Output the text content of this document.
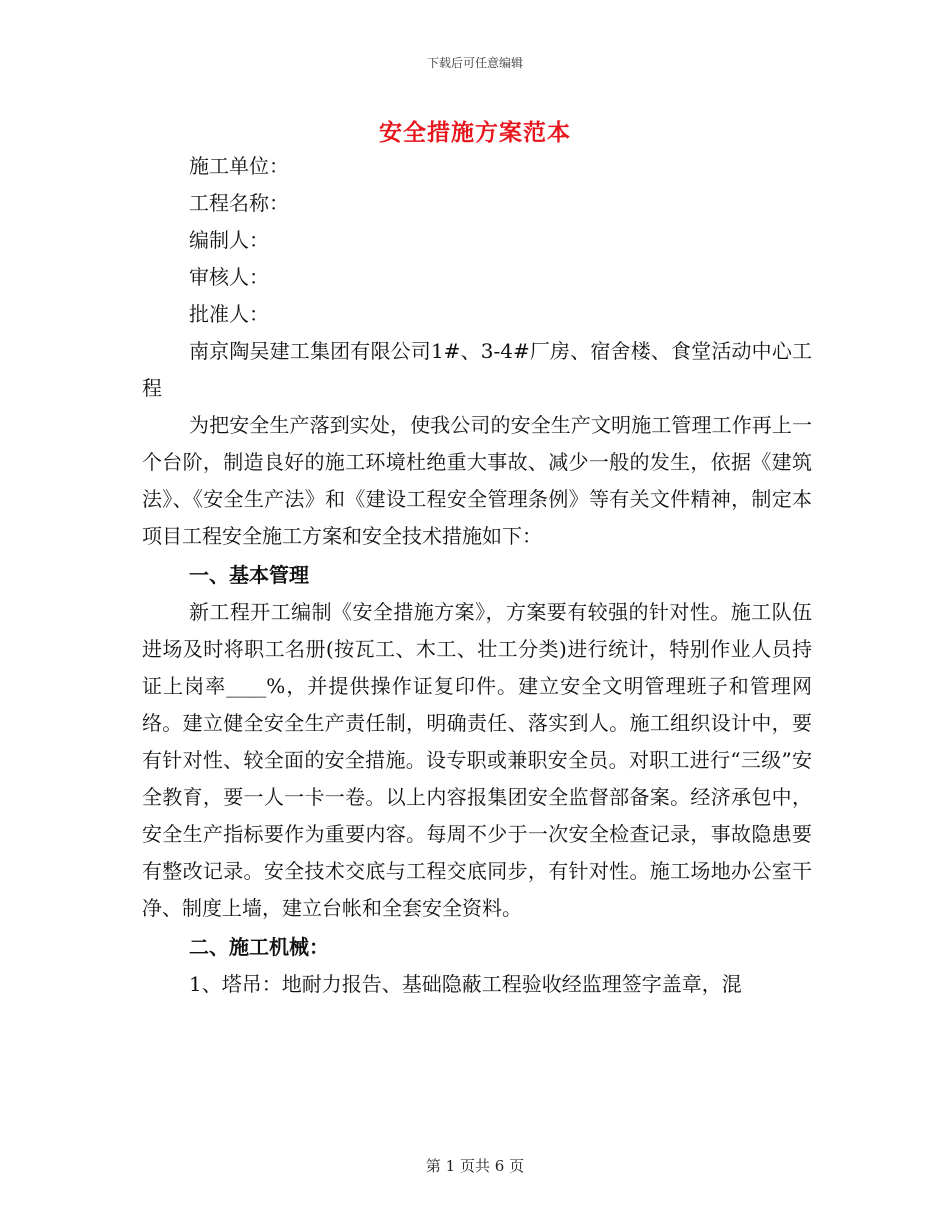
下载后可任意编辑
安全措施方案范本
施工单位：
工程名称：
编制人：
审核人：
批准人：

南京陶吴建工集团有限公司1#、3-4#厂房、宿舍楼、食堂活动中心工程

为把安全生产落到实处，使我公司的安全生产文明施工管理工作再上一个台阶，制造良好的施工环境杜绝重大事故、减少一般的发生，依据《建筑法》、《安全生产法》和《建设工程安全管理条例》等有关文件精神，制定本项目工程安全施工方案和安全技术措施如下：

一、基本管理

新工程开工编制《安全措施方案》，方案要有较强的针对性。施工队伍进场及时将职工名册(按瓦工、木工、壮工分类)进行统计，特别作业人员持证上岗率____%，并提供操作证复印件。建立安全文明管理班子和管理网络。建立健全安全生产责任制，明确责任、落实到人。施工组织设计中，要有针对性、较全面的安全措施。设专职或兼职安全员。对职工进行“三级”安全教育，要一人一卡一卷。以上内容报集团安全监督部备案。经济承包中，安全生产指标要作为重要内容。每周不少于一次安全检查记录，事故隐患要有整改记录。安全技术交底与工程交底同步，有针对性。施工场地办公室干净、制度上墙，建立台帐和全套安全资料。

二、施工机械：

1、塔吊：地耐力报告、基础隐蔽工程验收经监理签字盖章，混

第 1 页共 6 页
